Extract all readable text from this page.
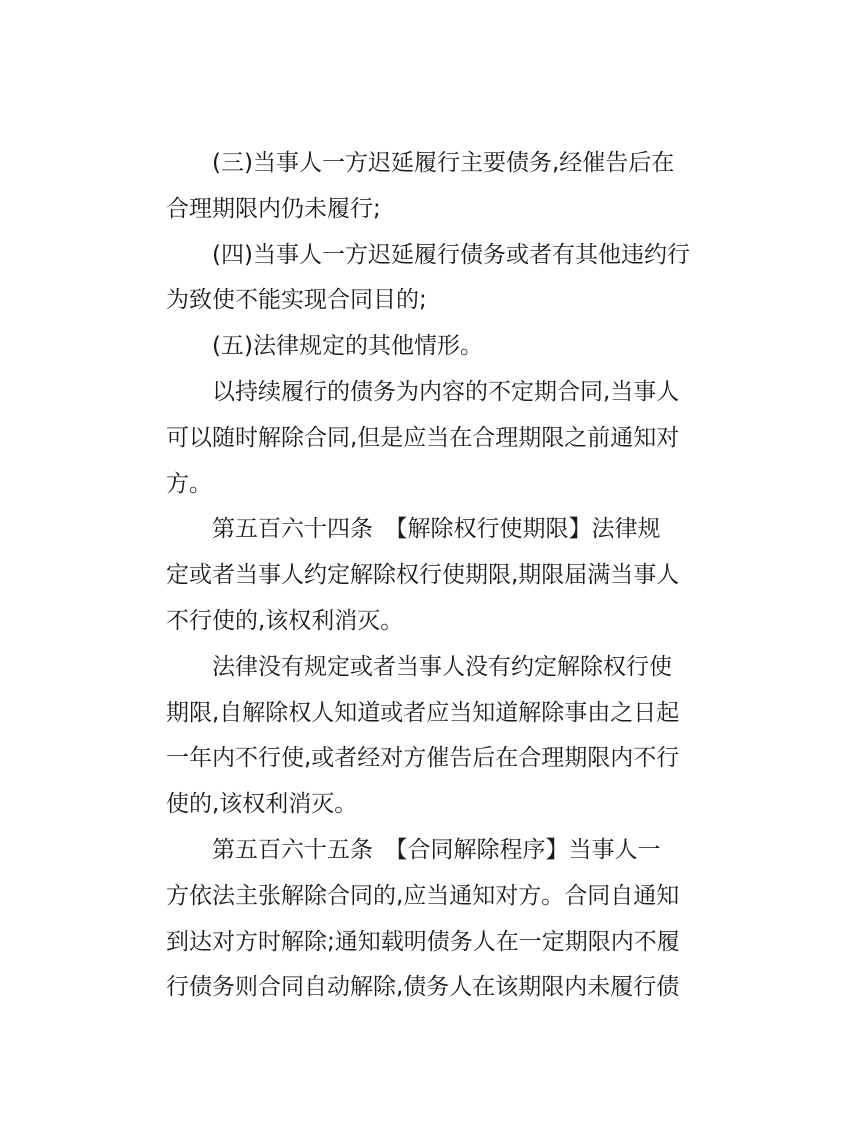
(三)当事人一方迟延履行主要债务,经催告后在

合理期限内仍未履行;

(四)当事人一方迟延履行债务或者有其他违约行

为致使不能实现合同目的;

(五)法律规定的其他情形。

以持续履行的债务为内容的不定期合同,当事人

可以随时解除合同,但是应当在合理期限之前通知对

方。

第五百六十四条　【解除权行使期限】法律规

定或者当事人约定解除权行使期限,期限届满当事人

不行使的,该权利消灭。

法律没有规定或者当事人没有约定解除权行使

期限,自解除权人知道或者应当知道解除事由之日起

一年内不行使,或者经对方催告后在合理期限内不行

使的,该权利消灭。

第五百六十五条　【合同解除程序】当事人一

方依法主张解除合同的,应当通知对方。合同自通知

到达对方时解除;通知载明债务人在一定期限内不履

行债务则合同自动解除,债务人在该期限内未履行债
